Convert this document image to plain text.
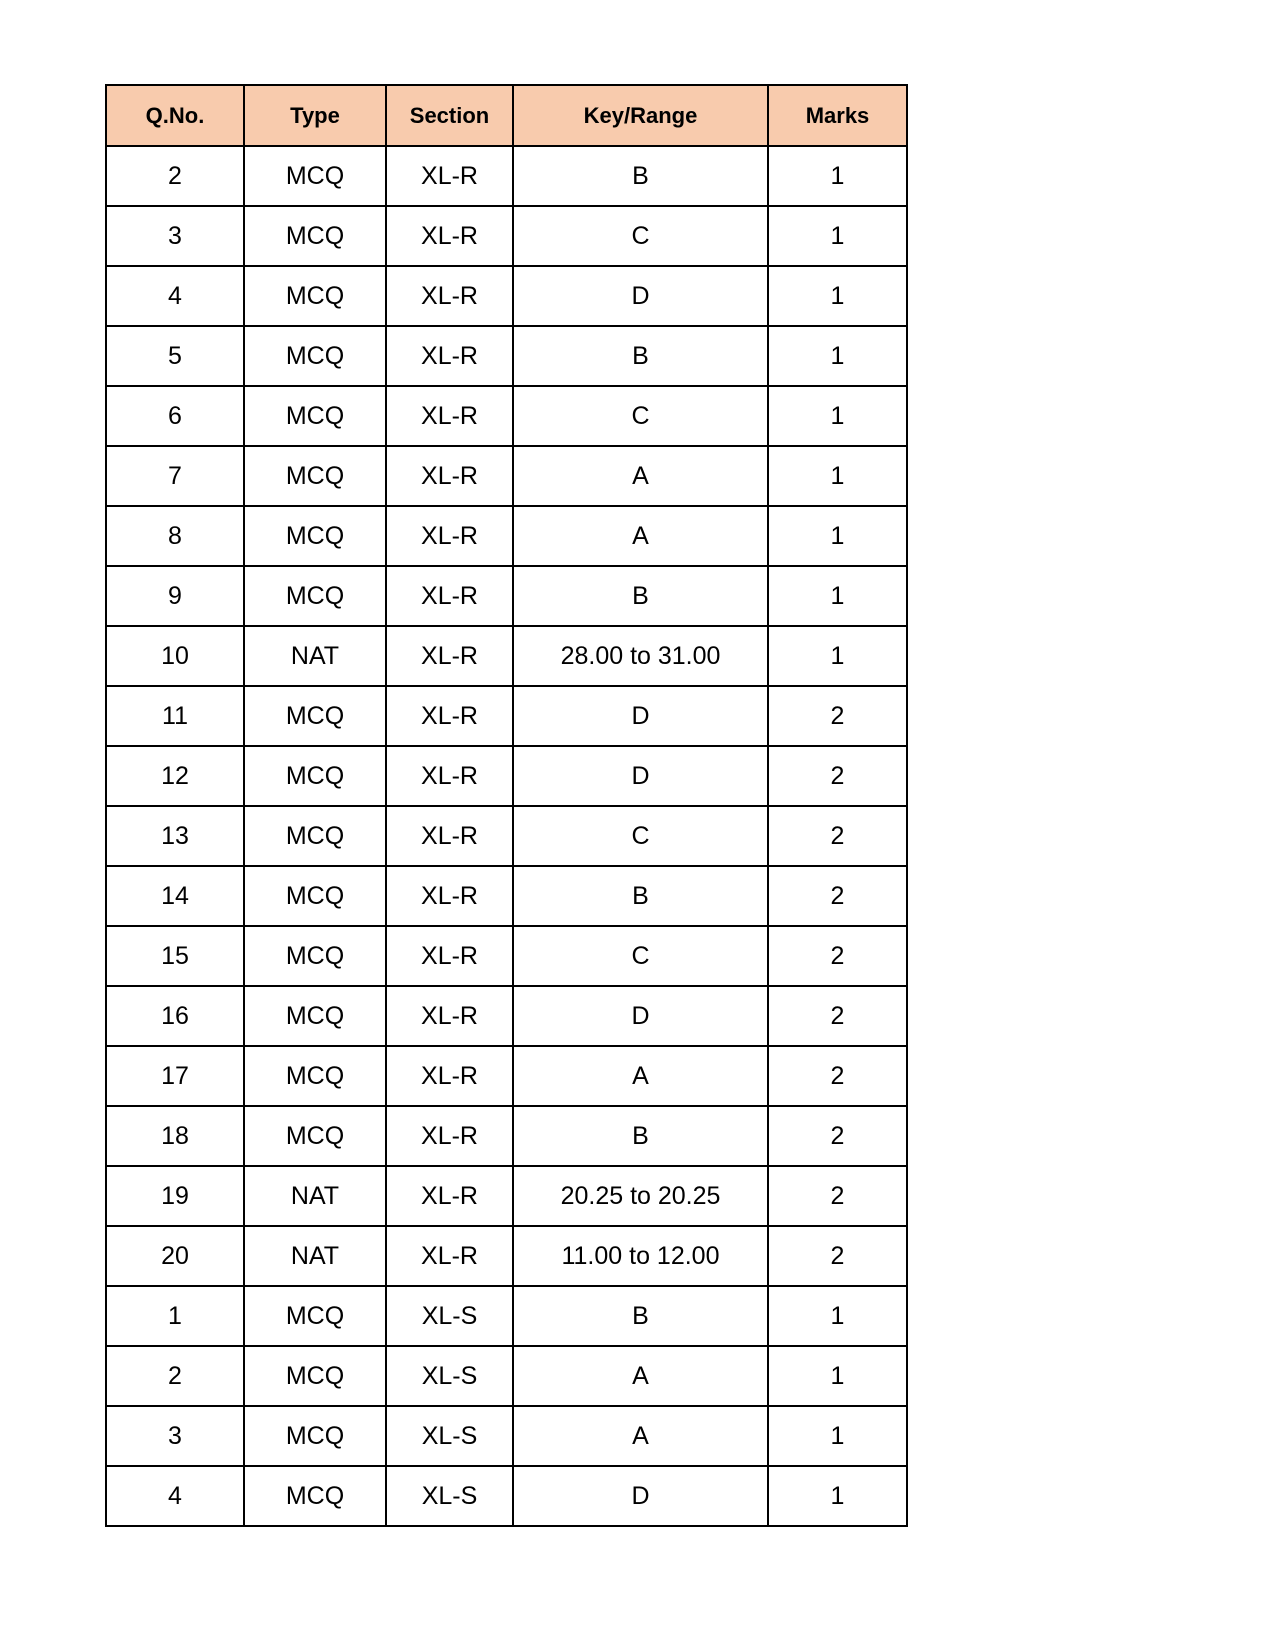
Q.No.	Type	Section	Key/Range	Marks
2	MCQ	XL-R	B	1
3	MCQ	XL-R	C	1
4	MCQ	XL-R	D	1
5	MCQ	XL-R	B	1
6	MCQ	XL-R	C	1
7	MCQ	XL-R	A	1
8	MCQ	XL-R	A	1
9	MCQ	XL-R	B	1
10	NAT	XL-R	28.00 to 31.00	1
11	MCQ	XL-R	D	2
12	MCQ	XL-R	D	2
13	MCQ	XL-R	C	2
14	MCQ	XL-R	B	2
15	MCQ	XL-R	C	2
16	MCQ	XL-R	D	2
17	MCQ	XL-R	A	2
18	MCQ	XL-R	B	2
19	NAT	XL-R	20.25 to 20.25	2
20	NAT	XL-R	11.00 to 12.00	2
1	MCQ	XL-S	B	1
2	MCQ	XL-S	A	1
3	MCQ	XL-S	A	1
4	MCQ	XL-S	D	1
